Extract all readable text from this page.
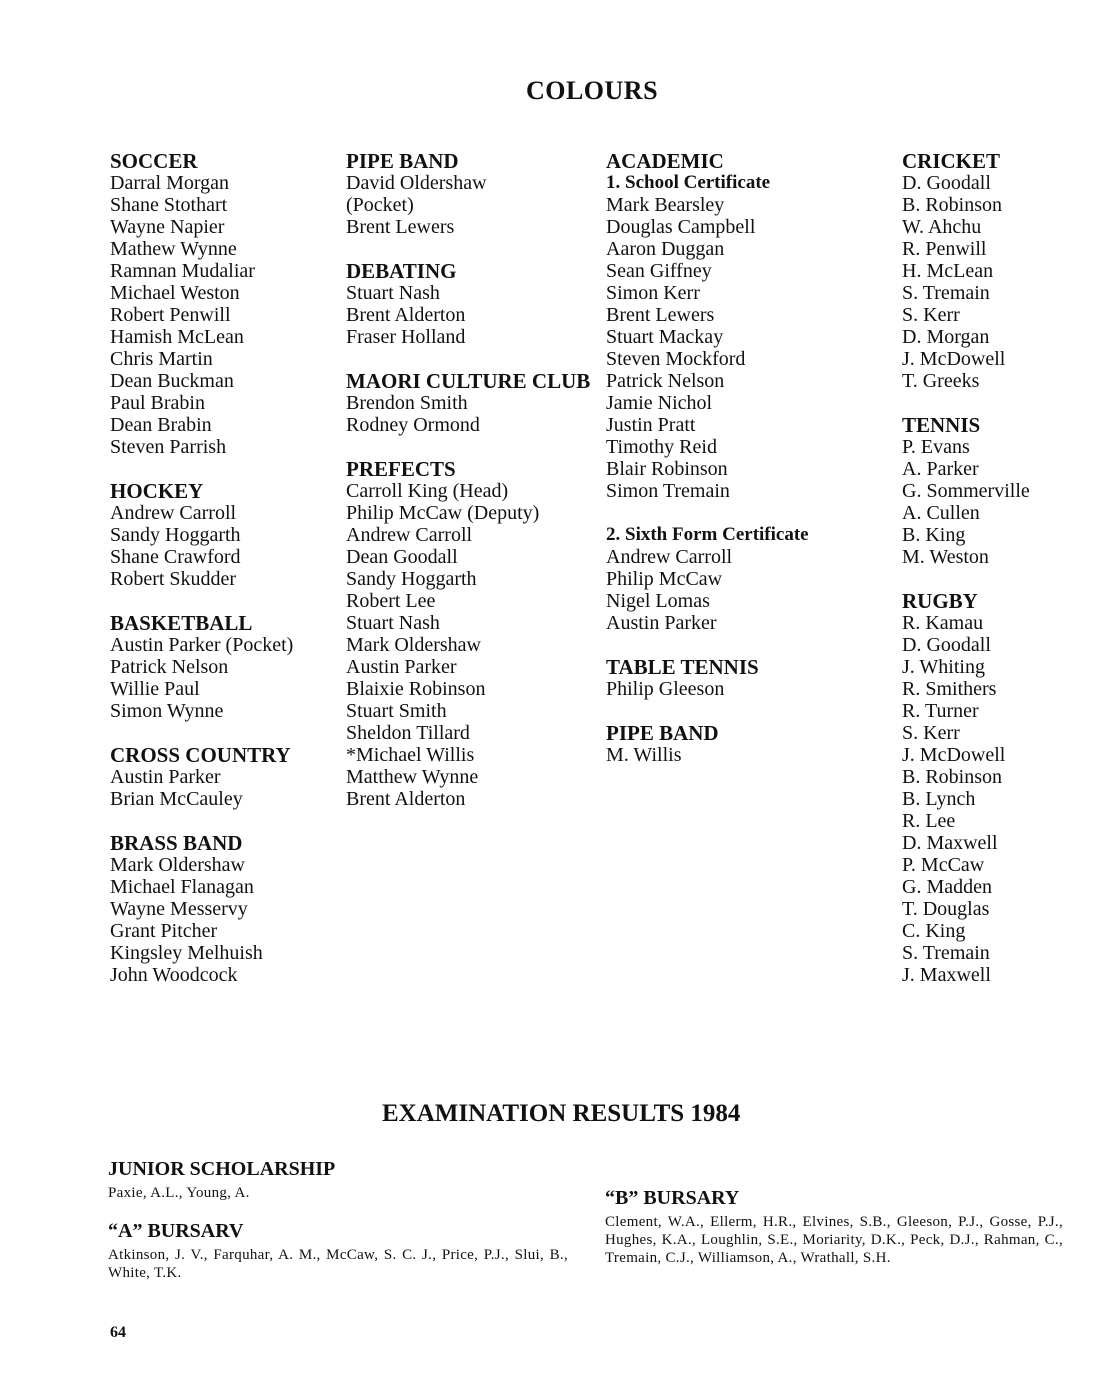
COLOURS
SOCCER
Darral Morgan
Shane Stothart
Wayne Napier
Mathew Wynne
Ramnan Mudaliar
Michael Weston
Robert Penwill
Hamish McLean
Chris Martin
Dean Buckman
Paul Brabin
Dean Brabin
Steven Parrish
HOCKEY
Andrew Carroll
Sandy Hoggarth
Shane Crawford
Robert Skudder
BASKETBALL
Austin Parker (Pocket)
Patrick Nelson
Willie Paul
Simon Wynne
CROSS COUNTRY
Austin Parker
Brian McCauley
BRASS BAND
Mark Oldershaw
Michael Flanagan
Wayne Messervy
Grant Pitcher
Kingsley Melhuish
John Woodcock
PIPE BAND
David Oldershaw
(Pocket)
Brent Lewers
DEBATING
Stuart Nash
Brent Alderton
Fraser Holland
MAORI CULTURE CLUB
Brendon Smith
Rodney Ormond
PREFECTS
Carroll King (Head)
Philip McCaw (Deputy)
Andrew Carroll
Dean Goodall
Sandy Hoggarth
Robert Lee
Stuart Nash
Mark Oldershaw
Austin Parker
Blaixie Robinson
Stuart Smith
Sheldon Tillard
*Michael Willis
Matthew Wynne
Brent Alderton
ACADEMIC
1. School Certificate
Mark Bearsley
Douglas Campbell
Aaron Duggan
Sean Giffney
Simon Kerr
Brent Lewers
Stuart Mackay
Steven Mockford
Patrick Nelson
Jamie Nichol
Justin Pratt
Timothy Reid
Blair Robinson
Simon Tremain
2. Sixth Form Certificate
Andrew Carroll
Philip McCaw
Nigel Lomas
Austin Parker
TABLE TENNIS
Philip Gleeson
PIPE BAND
M. Willis
CRICKET
D. Goodall
B. Robinson
W. Ahchu
R. Penwill
H. McLean
S. Tremain
S. Kerr
D. Morgan
J. McDowell
T. Greeks
TENNIS
P. Evans
A. Parker
G. Sommerville
A. Cullen
B. King
M. Weston
RUGBY
R. Kamau
D. Goodall
J. Whiting
R. Smithers
R. Turner
S. Kerr
J. McDowell
B. Robinson
B. Lynch
R. Lee
D. Maxwell
P. McCaw
G. Madden
T. Douglas
C. King
S. Tremain
J. Maxwell
EXAMINATION RESULTS 1984
JUNIOR SCHOLARSHIP
Paxie, A.L., Young, A.
“A” BURSARV
Atkinson, J. V., Farquhar, A. M., McCaw, S. C. J., Price, P.J., Slui, B., White, T.K.
“B” BURSARY
Clement, W.A., Ellerm, H.R., Elvines, S.B., Gleeson, P.J., Gosse, P.J., Hughes, K.A., Loughlin, S.E., Moriarity, D.K., Peck, D.J., Rahman, C., Tremain, C.J., Williamson, A., Wrathall, S.H.
64
